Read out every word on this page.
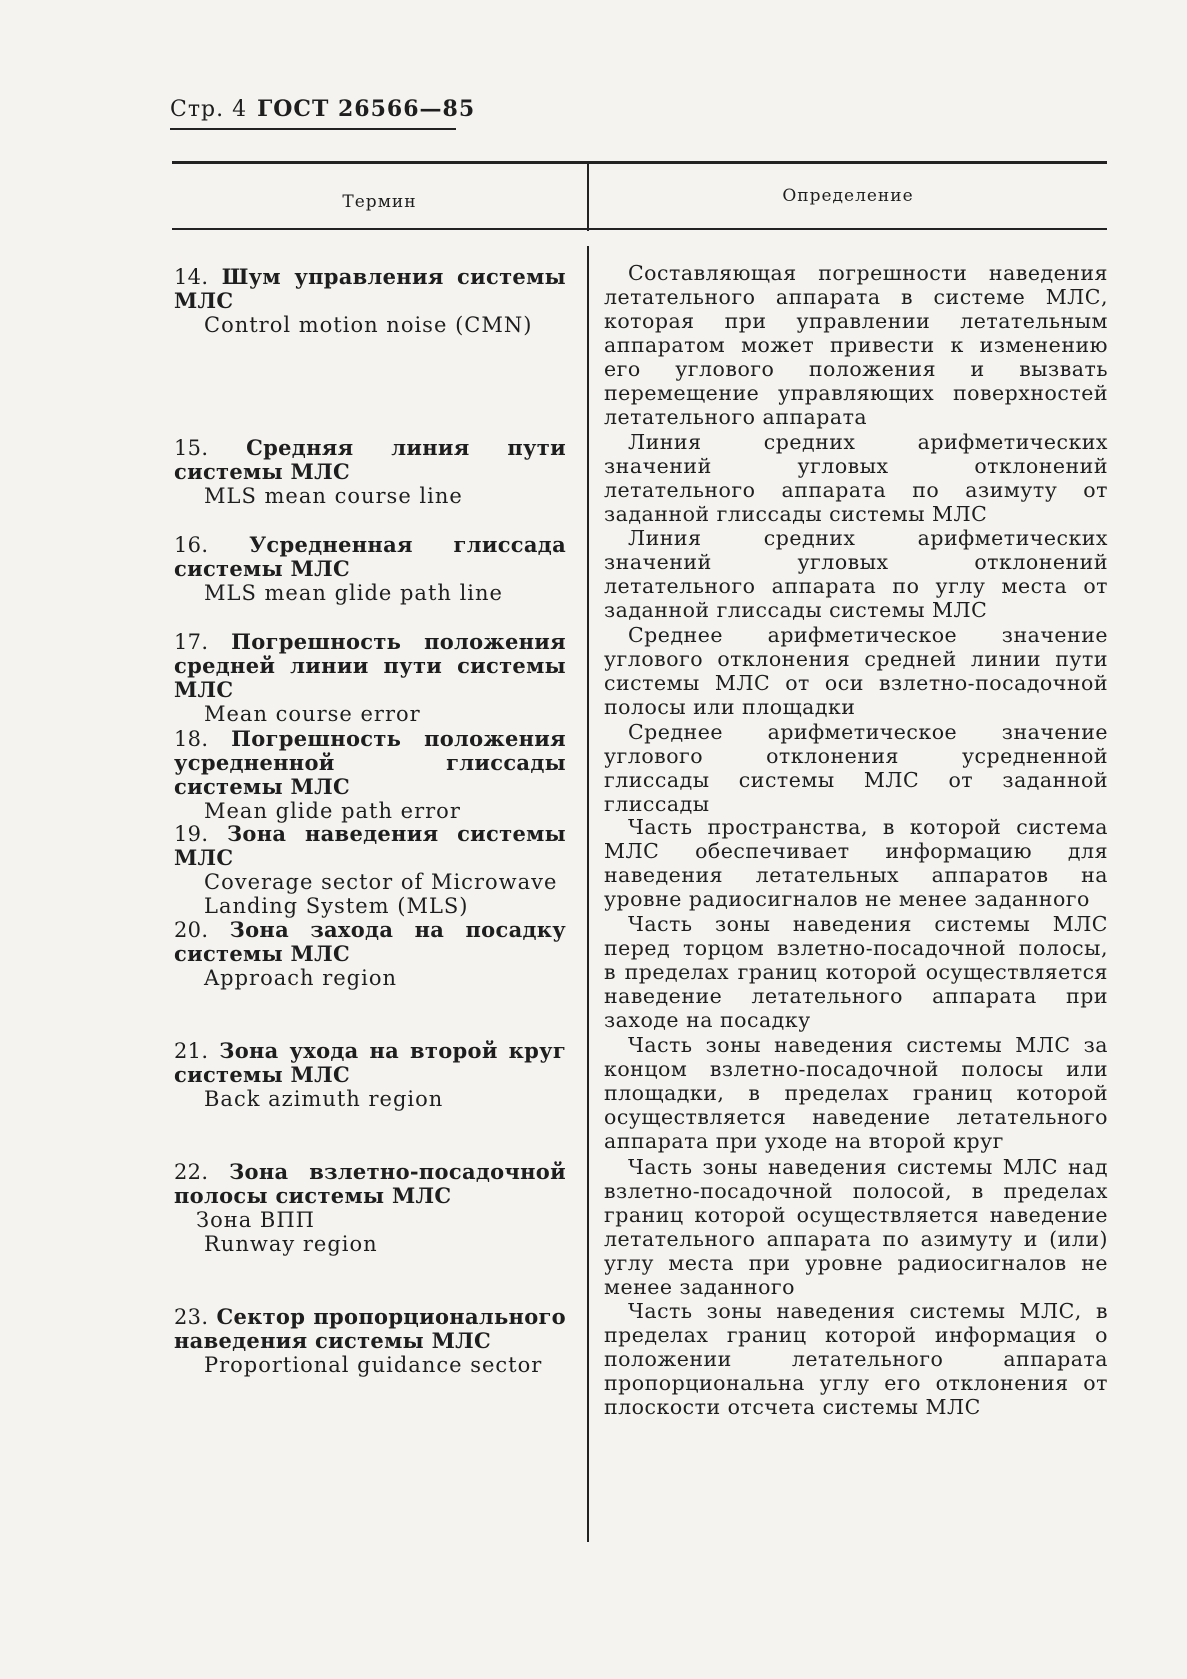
Стр. 4 ГОСТ 26566—85
Термин	Определение
14. Шум управления системы МЛС
Control motion noise (CMN)
Составляющая погрешности наведения летательного аппарата в системе МЛС, которая при управлении летательным аппаратом может привести к изменению его углового положения и вызвать перемещение управляющих поверхностей летательного аппарата
15. Средняя линия пути системы МЛС
MLS mean course line
Линия средних арифметических значений угловых отклонений летательного аппарата по азимуту от заданной глиссады системы МЛС
16. Усредненная глиссада системы МЛС
MLS mean glide path line
Линия средних арифметических значений угловых отклонений летательного аппарата по углу места от заданной глиссады системы МЛС
17. Погрешность положения средней линии пути системы МЛС
Mean course error
Среднее арифметическое значение углового отклонения средней линии пути системы МЛС от оси взлетно-посадочной полосы или площадки
18. Погрешность положения усредненной глиссады системы МЛС
Mean glide path error
Среднее арифметическое значение углового отклонения усредненной глиссады системы МЛС от заданной глиссады
19. Зона наведения системы МЛС
Coverage sector of Microwave Landing System (MLS)
Часть пространства, в которой система МЛС обеспечивает информацию для наведения летательных аппаратов на уровне радиосигналов не менее заданного
20. Зона захода на посадку системы МЛС
Approach region
Часть зоны наведения системы МЛС перед торцом взлетно-посадочной полосы, в пределах границ которой осуществляется наведение летательного аппарата при заходе на посадку
21. Зона ухода на второй круг системы МЛС
Back azimuth region
Часть зоны наведения системы МЛС за концом взлетно-посадочной полосы или площадки, в пределах границ которой осуществляется наведение летательного аппарата при уходе на второй круг
22. Зона взлетно-посадочной полосы системы МЛС
Зона ВПП
Runway region
Часть зоны наведения системы МЛС над взлетно-посадочной полосой, в пределах границ которой осуществляется наведение летательного аппарата по азимуту и (или) углу места при уровне радиосигналов не менее заданного
23. Сектор пропорционального наведения системы МЛС
Proportional guidance sector
Часть зоны наведения системы МЛС, в пределах границ которой информация о положении летательного аппарата пропорциональна углу его отклонения от плоскости отсчета системы МЛС
